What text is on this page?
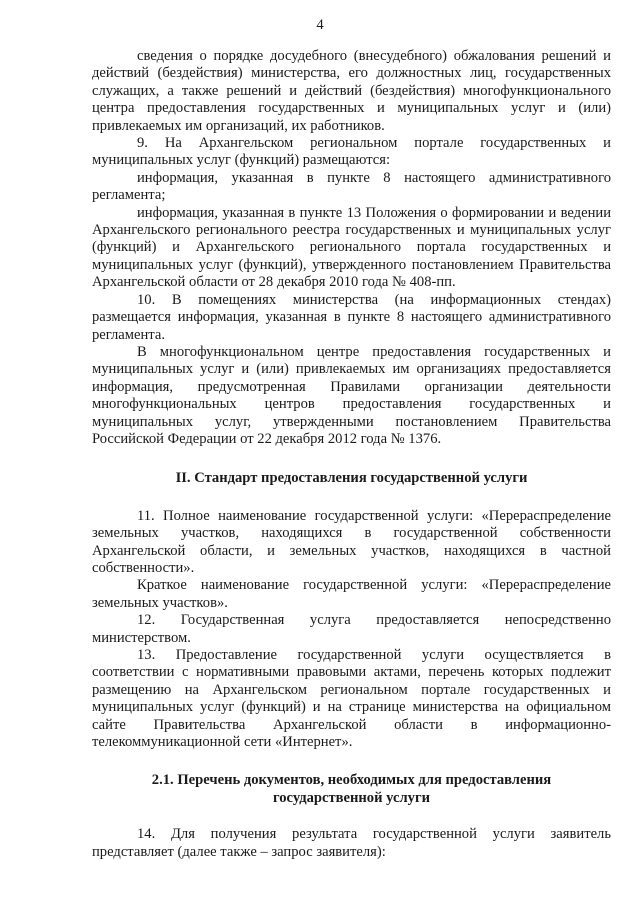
4

сведения о порядке досудебного (внесудебного) обжалования решений и действий (бездействия) министерства, его должностных лиц, государственных служащих, а также решений и действий (бездействия) многофункционального центра предоставления государственных и муниципальных услуг и (или) привлекаемых им организаций, их работников.

9. На Архангельском региональном портале государственных и муниципальных услуг (функций) размещаются:

информация, указанная в пункте 8 настоящего административного регламента;

информация, указанная в пункте 13 Положения о формировании и ведении Архангельского регионального реестра государственных и муниципальных услуг (функций) и Архангельского регионального портала государственных и муниципальных услуг (функций), утвержденного постановлением Правительства Архангельской области от 28 декабря 2010 года № 408-пп.

10. В помещениях министерства (на информационных стендах) размещается информация, указанная в пункте 8 настоящего административного регламента.

В многофункциональном центре предоставления государственных и муниципальных услуг и (или) привлекаемых им организациях предоставляется информация, предусмотренная Правилами организации деятельности многофункциональных центров предоставления государственных и муниципальных услуг, утвержденными постановлением Правительства Российской Федерации от 22 декабря 2012 года № 1376.

II. Стандарт предоставления государственной услуги

11. Полное наименование государственной услуги: «Перераспределение земельных участков, находящихся в государственной собственности Архангельской области, и земельных участков, находящихся в частной собственности».

Краткое наименование государственной услуги: «Перераспределение земельных участков».

12. Государственная услуга предоставляется непосредственно министерством.

13. Предоставление государственной услуги осуществляется в соответствии с нормативными правовыми актами, перечень которых подлежит размещению на Архангельском региональном портале государственных и муниципальных услуг (функций) и на странице министерства на официальном сайте Правительства Архангельской области в информационно-телекоммуникационной сети «Интернет».

2.1. Перечень документов, необходимых для предоставления

государственной услуги

14. Для получения результата государственной услуги заявитель представляет (далее также – запрос заявителя):
